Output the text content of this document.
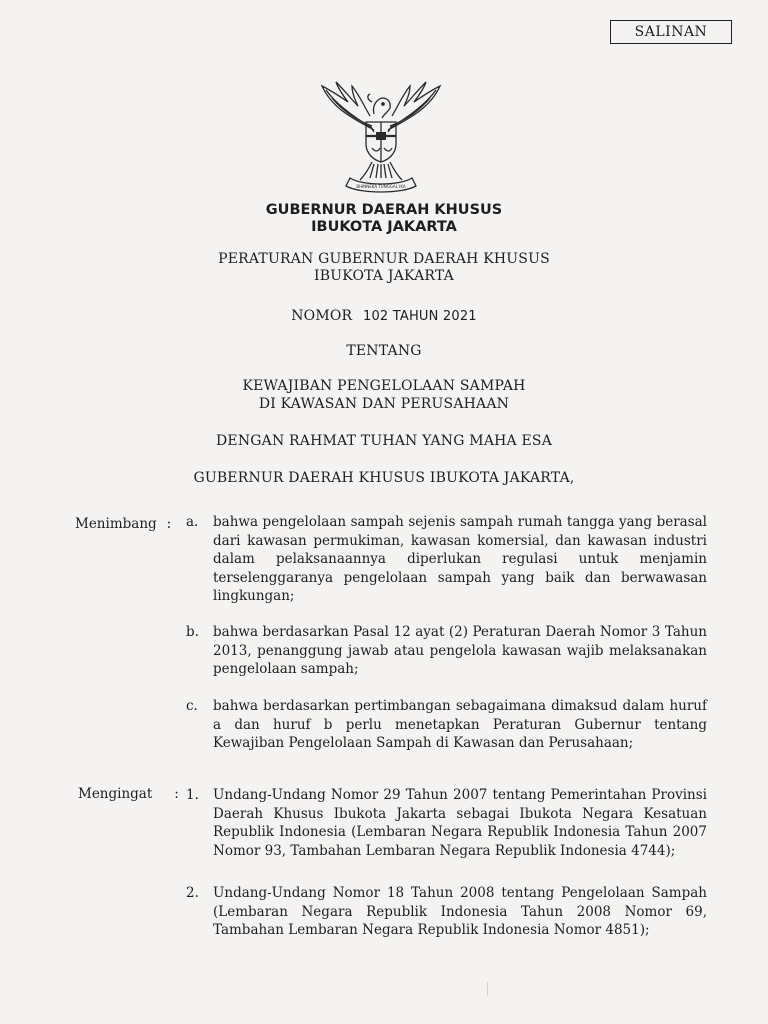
SALINAN
BHINNEKA TUNGGAL IKA
GUBERNUR DAERAH KHUSUS
IBUKOTA JAKARTA
PERATURAN GUBERNUR DAERAH KHUSUS
IBUKOTA JAKARTA
NOMOR 102 TAHUN 2021
TENTANG
KEWAJIBAN PENGELOLAAN SAMPAH
DI KAWASAN DAN PERUSAHAAN
DENGAN RAHMAT TUHAN YANG MAHA ESA
GUBERNUR DAERAH KHUSUS IBUKOTA JAKARTA,
Menimbang : a. bahwa pengelolaan sampah sejenis sampah rumah tangga yang berasal dari kawasan permukiman, kawasan komersial, dan kawasan industri dalam pelaksanaannya diperlukan regulasi untuk menjamin terselenggaranya pengelolaan sampah yang baik dan berwawasan lingkungan;
b. bahwa berdasarkan Pasal 12 ayat (2) Peraturan Daerah Nomor 3 Tahun 2013, penanggung jawab atau pengelola kawasan wajib melaksanakan pengelolaan sampah;
c. bahwa berdasarkan pertimbangan sebagaimana dimaksud dalam huruf a dan huruf b perlu menetapkan Peraturan Gubernur tentang Kewajiban Pengelolaan Sampah di Kawasan dan Perusahaan;
Mengingat : 1. Undang-Undang Nomor 29 Tahun 2007 tentang Pemerintahan Provinsi Daerah Khusus Ibukota Jakarta sebagai Ibukota Negara Kesatuan Republik Indonesia (Lembaran Negara Republik Indonesia Tahun 2007 Nomor 93, Tambahan Lembaran Negara Republik Indonesia 4744);
2. Undang-Undang Nomor 18 Tahun 2008 tentang Pengelolaan Sampah (Lembaran Negara Republik Indonesia Tahun 2008 Nomor 69, Tambahan Lembaran Negara Republik Indonesia Nomor 4851);
